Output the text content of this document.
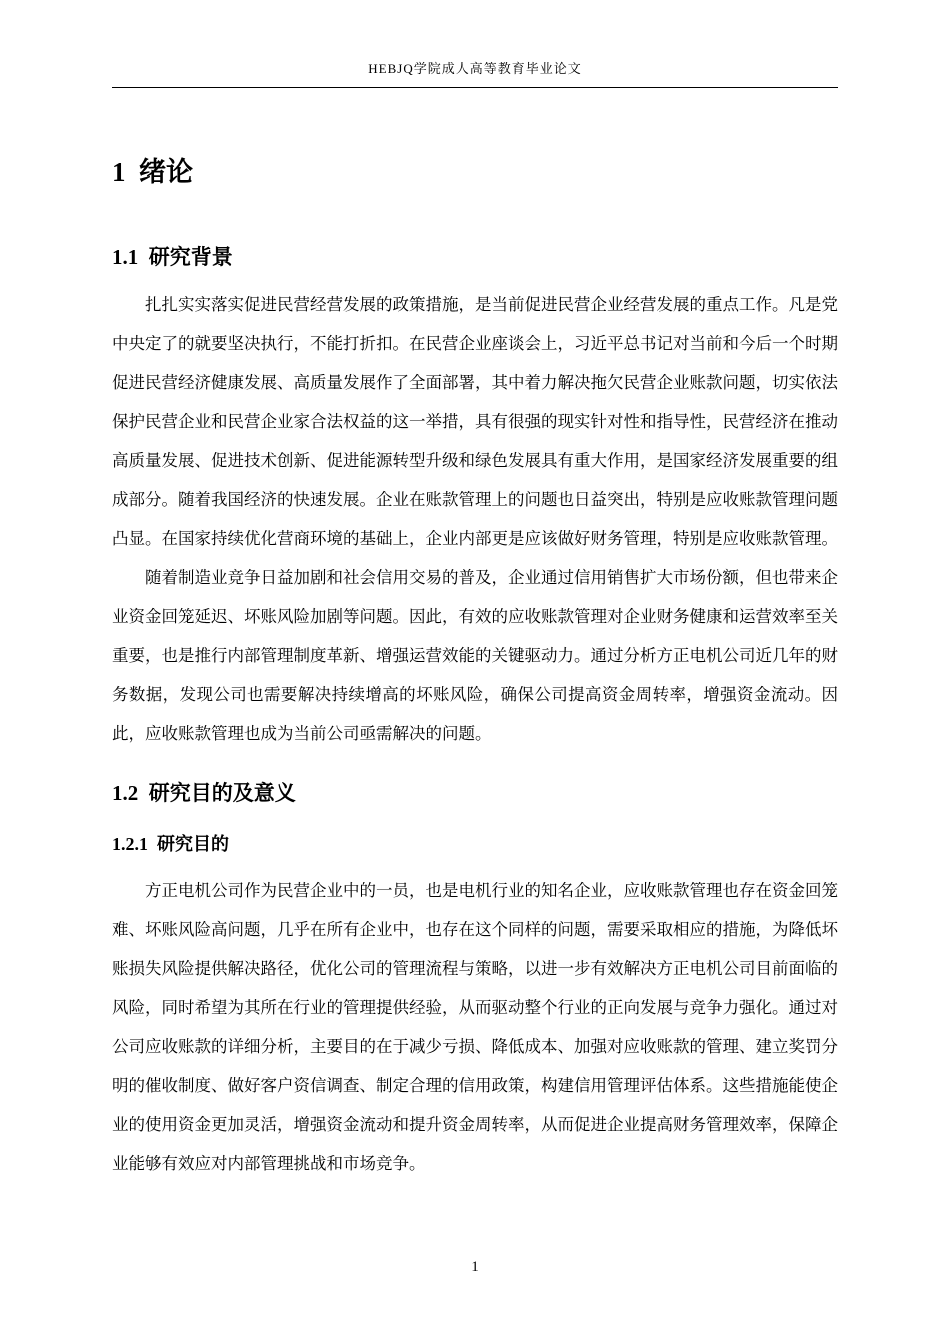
HEBJQ学院成人高等教育毕业论文
1  绪论
1.1  研究背景

扎扎实实落实促进民营经营发展的政策措施，是当前促进民营企业经营发展的重点工作。凡是党中央定了的就要坚决执行，不能打折扣。在民营企业座谈会上，习近平总书记对当前和今后一个时期促进民营经济健康发展、高质量发展作了全面部署，其中着力解决拖欠民营企业账款问题，切实依法保护民营企业和民营企业家合法权益的这一举措，具有很强的现实针对性和指导性，民营经济在推动高质量发展、促进技术创新、促进能源转型升级和绿色发展具有重大作用，是国家经济发展重要的组成部分。随着我国经济的快速发展。企业在账款管理上的问题也日益突出，特别是应收账款管理问题凸显。在国家持续优化营商环境的基础上，企业内部更是应该做好财务管理，特别是应收账款管理。

随着制造业竞争日益加剧和社会信用交易的普及，企业通过信用销售扩大市场份额，但也带来企业资金回笼延迟、坏账风险加剧等问题。因此，有效的应收账款管理对企业财务健康和运营效率至关重要，也是推行内部管理制度革新、增强运营效能的关键驱动力。通过分析方正电机公司近几年的财务数据，发现公司也需要解决持续增高的坏账风险，确保公司提高资金周转率，增强资金流动。因此，应收账款管理也成为当前公司亟需解决的问题。

1.2  研究目的及意义
1.2.1  研究目的

方正电机公司作为民营企业中的一员，也是电机行业的知名企业，应收账款管理也存在资金回笼难、坏账风险高问题，几乎在所有企业中，也存在这个同样的问题，需要采取相应的措施，为降低坏账损失风险提供解决路径，优化公司的管理流程与策略，以进一步有效解决方正电机公司目前面临的风险，同时希望为其所在行业的管理提供经验，从而驱动整个行业的正向发展与竞争力强化。通过对公司应收账款的详细分析，主要目的在于减少亏损、降低成本、加强对应收账款的管理、建立奖罚分明的催收制度、做好客户资信调查、制定合理的信用政策，构建信用管理评估体系。这些措施能使企业的使用资金更加灵活，增强资金流动和提升资金周转率，从而促进企业提高财务管理效率，保障企业能够有效应对内部管理挑战和市场竞争。

1
